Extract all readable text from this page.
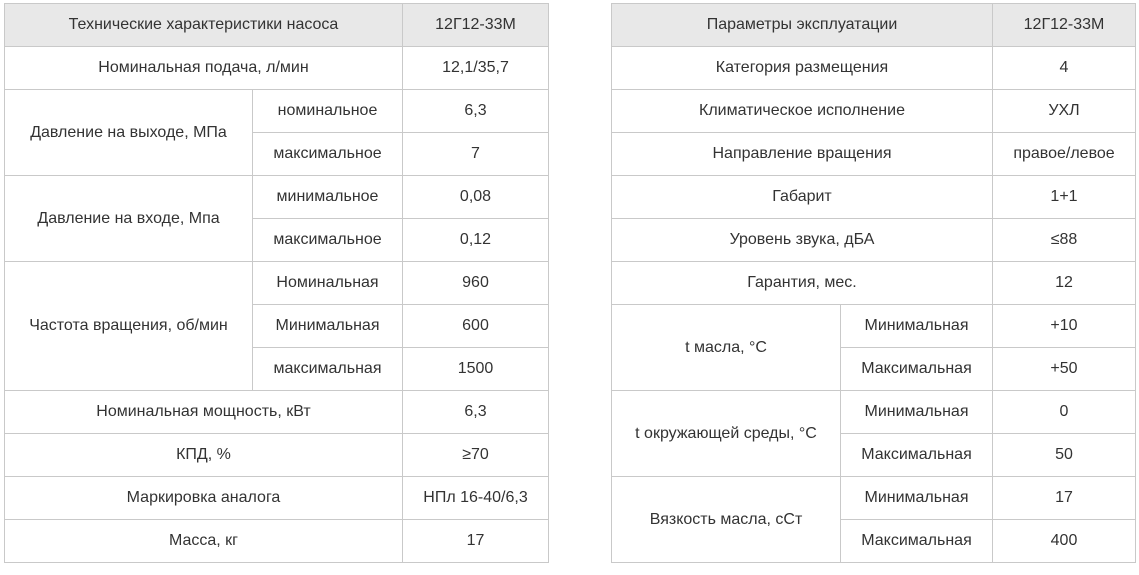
Технические характеристики насоса		12Г12-33М
Номинальная подача, л/мин		12,1/35,7
Давление на выходе, МПа	номинальное	6,3
	максимальное	7
Давление на входе, Мпа	минимальное	0,08
	максимальное	0,12
Частота вращения, об/мин	Номинальная	960
	Минимальная	600
	максимальная	1500
Номинальная мощность, кВт		6,3
КПД, %		≥70
Маркировка аналога		НПл 16-40/6,3
Масса, кг		17
Параметры эксплуатации		12Г12-33М
Категория размещения		4
Климатическое исполнение		УХЛ
Направление вращения		правое/левое
Габарит		1+1
Уровень звука, дБА		≤88
Гарантия, мес.		12
t масла, °С	Минимальная	+10
	Максимальная	+50
t окружающей среды, °С	Минимальная	0
	Максимальная	50
Вязкость масла, сСт	Минимальная	17
	Максимальная	400
